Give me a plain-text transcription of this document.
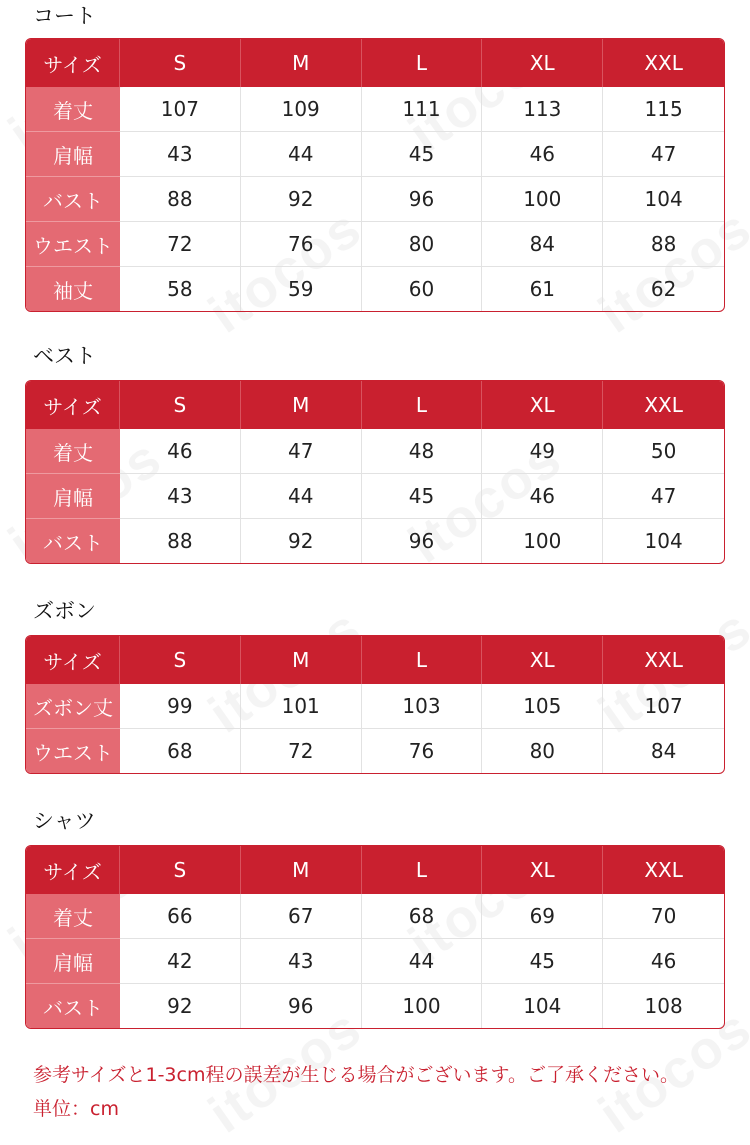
コート
サイズ	S	M	L	XL	XXL
着丈	107	109	111	113	115
肩幅	43	44	45	46	47
バスト	88	92	96	100	104
ウエスト	72	76	80	84	88
袖丈	58	59	60	61	62
ベスト
サイズ	S	M	L	XL	XXL
着丈	46	47	48	49	50
肩幅	43	44	45	46	47
バスト	88	92	96	100	104
ズボン
サイズ	S	M	L	XL	XXL
ズボン丈	99	101	103	105	107
ウエスト	68	72	76	80	84
シャツ
サイズ	S	M	L	XL	XXL
着丈	66	67	68	69	70
肩幅	42	43	44	45	46
バスト	92	96	100	104	108

参考サイズと1-3cm程の誤差が生じる場合がございます。ご了承ください。

単位：cm
